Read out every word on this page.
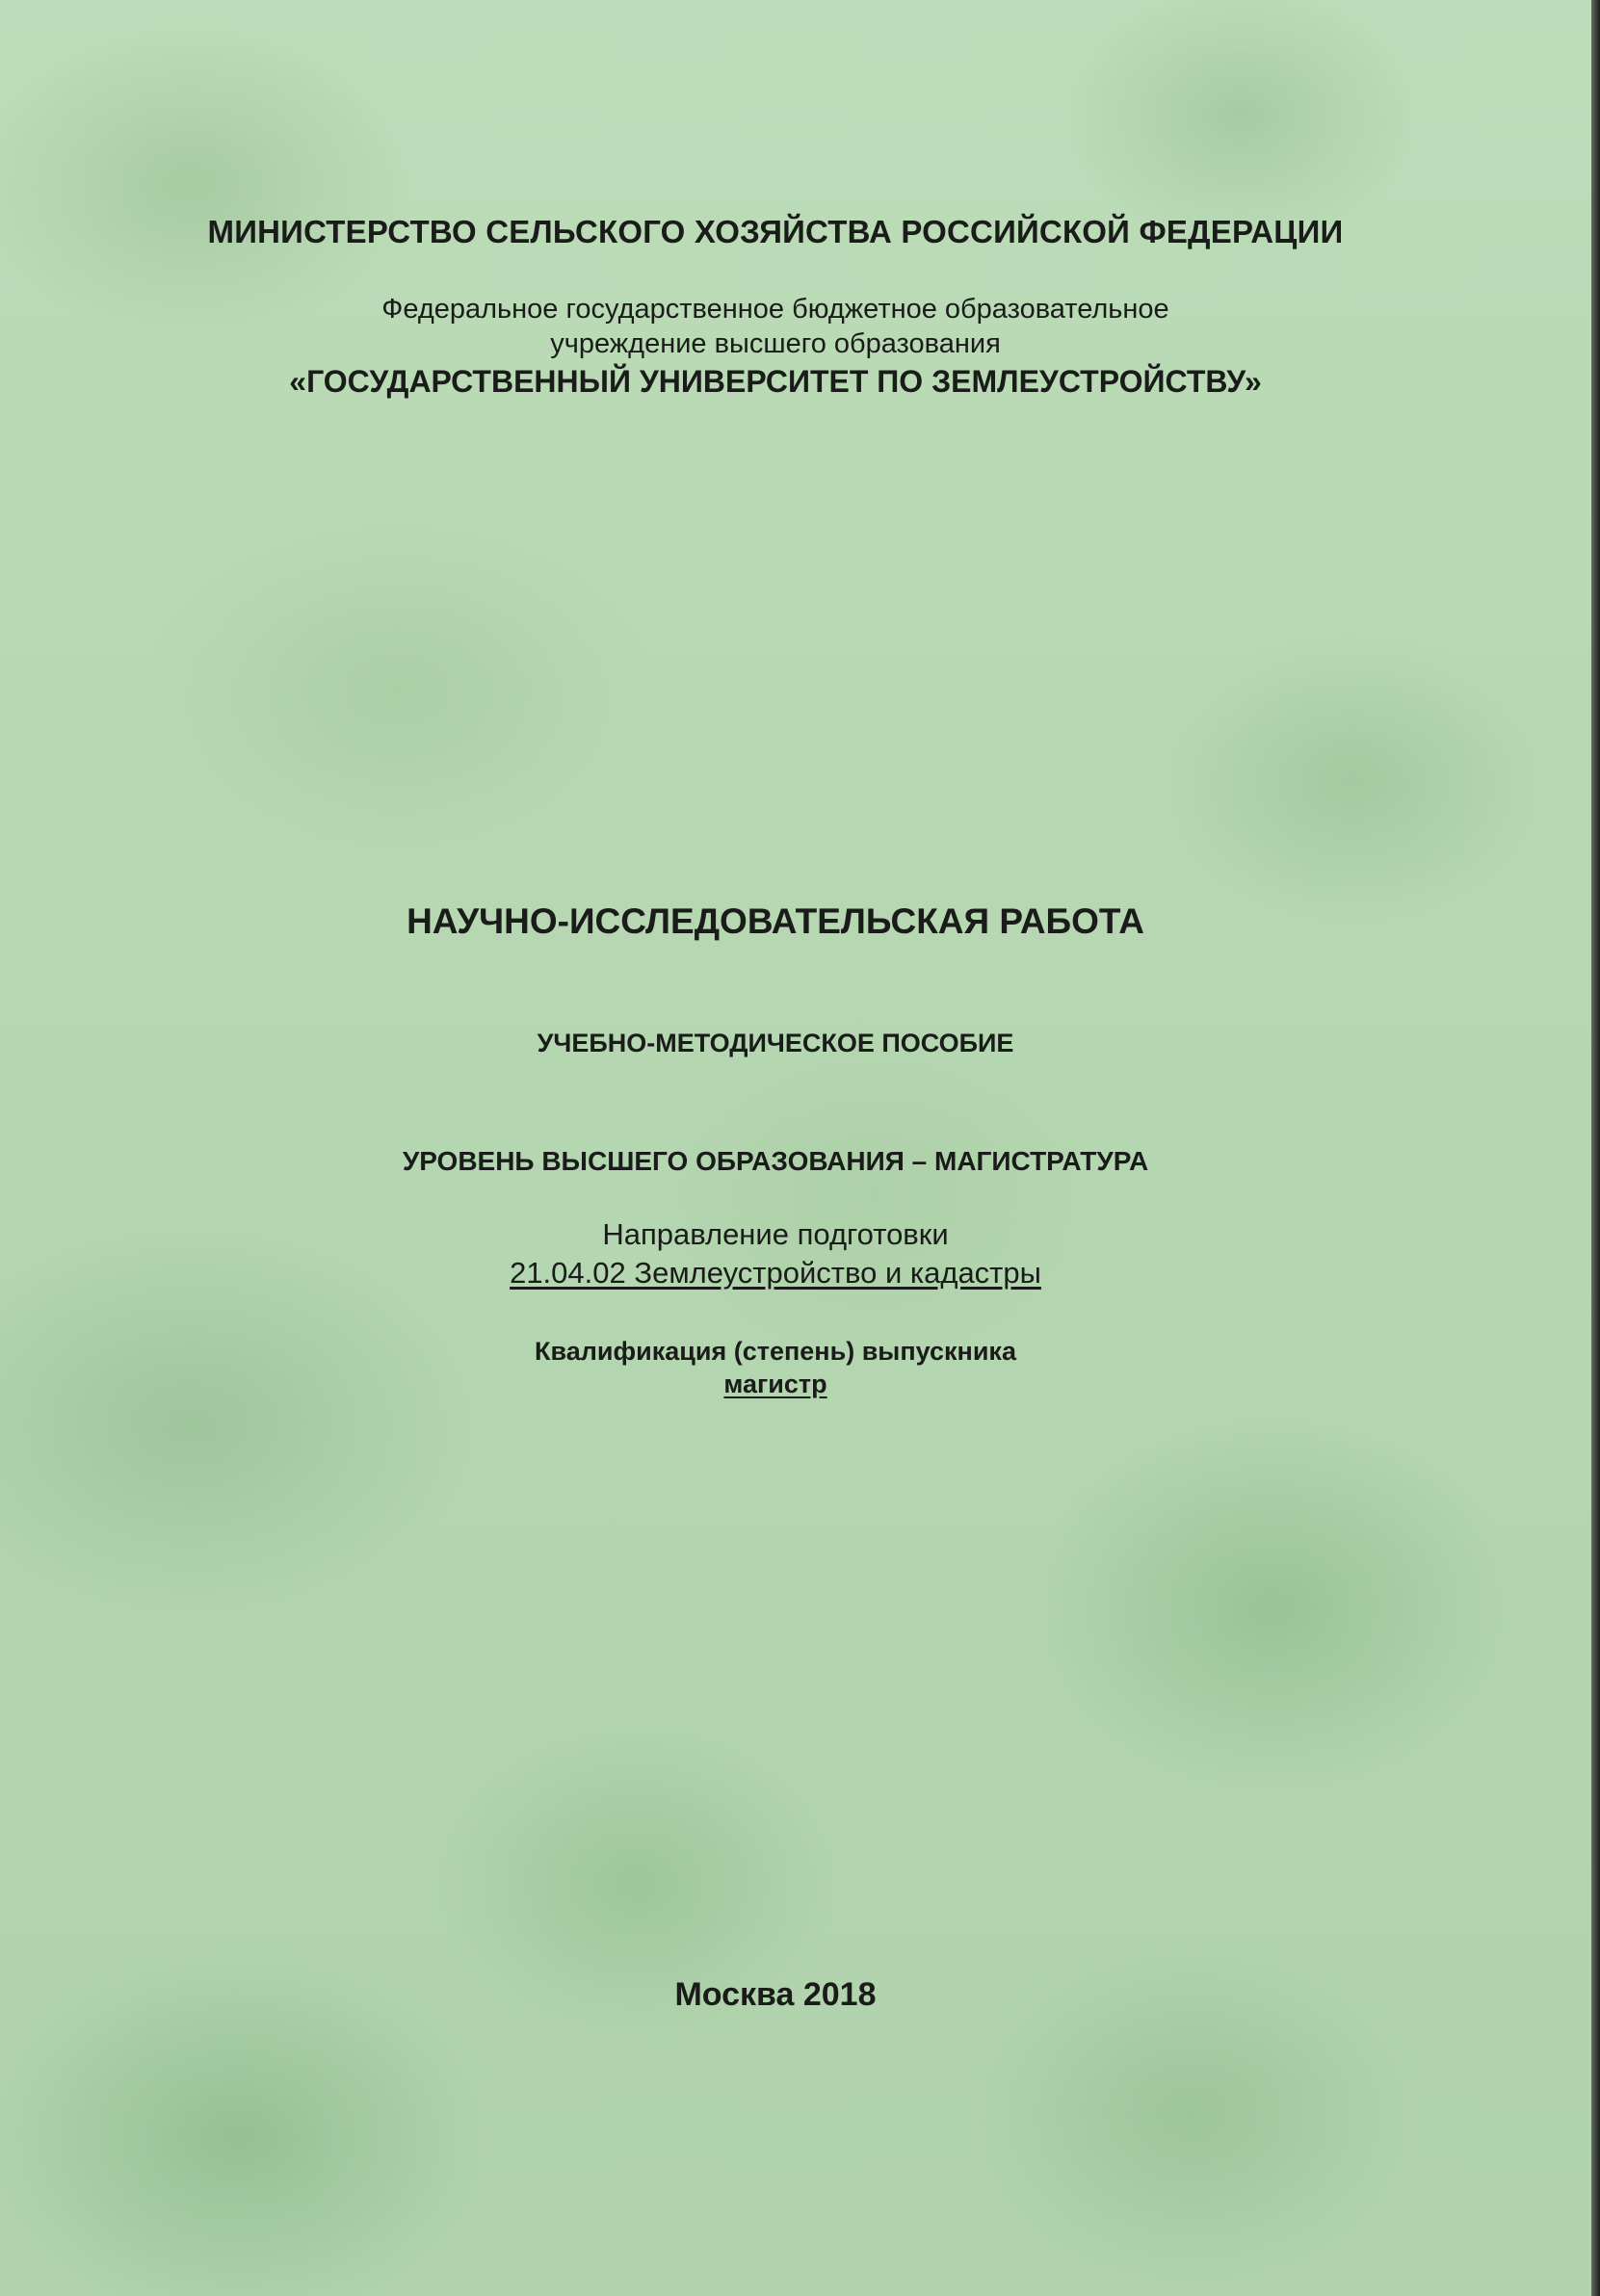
МИНИСТЕРСТВО СЕЛЬСКОГО ХОЗЯЙСТВА РОССИЙСКОЙ ФЕДЕРАЦИИ
Федеральное государственное бюджетное образовательное
учреждение высшего образования
«ГОСУДАРСТВЕННЫЙ УНИВЕРСИТЕТ ПО ЗЕМЛЕУСТРОЙСТВУ»
НАУЧНО-ИССЛЕДОВАТЕЛЬСКАЯ РАБОТА
УЧЕБНО-МЕТОДИЧЕСКОЕ ПОСОБИЕ
УРОВЕНЬ ВЫСШЕГО ОБРАЗОВАНИЯ – МАГИСТРАТУРА
Направление подготовки
21.04.02 Землеустройство и кадастры
Квалификация (степень) выпускника
магистр
Москва 2018
